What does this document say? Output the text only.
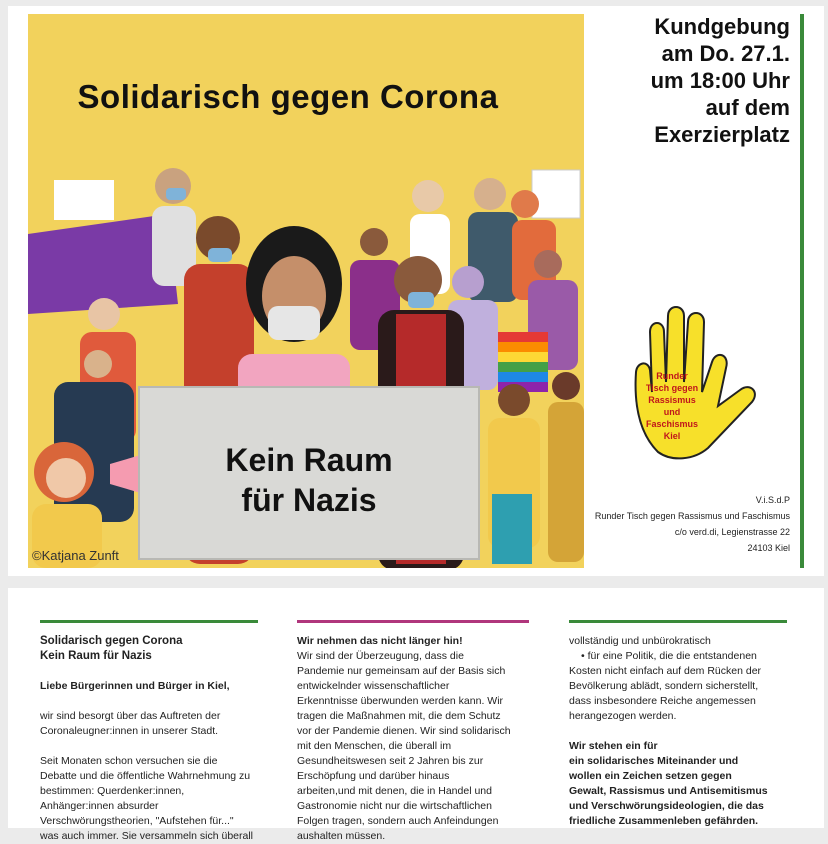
Solidarisch gegen Corona
Kein Raum
für Nazis
©Katjana Zunft
Kundgebung
am Do. 27.1.
um 18:00 Uhr
auf dem
Exerzierplatz
Runder
Tisch gegen
Rassismus
und
Faschismus
Kiel
V.i.S.d.P
Runder Tisch gegen Rassismus und Faschismus
c/o verd.di, Legienstrasse 22
24103 Kiel
Solidarisch gegen Corona
Kein Raum für Nazis
Liebe Bürgerinnen und Bürger in Kiel,
wir sind besorgt über das Auftreten der
Coronaleugner:innen in unserer Stadt.
Seit Monaten schon versuchen sie die
Debatte und die öffentliche Wahrnehmung zu
bestimmen: Querdenker:innen,
Anhänger:innen absurder
Verschwörungstheorien, "Aufstehen für..."
was auch immer. Sie versammeln sich überall
Wir nehmen das nicht länger hin!
Wir sind der Überzeugung, dass die
Pandemie nur gemeinsam auf der Basis sich
entwickelnder wissenschaftlicher
Erkenntnisse überwunden werden kann. Wir
tragen die Maßnahmen mit, die dem Schutz
vor der Pandemie dienen. Wir sind solidarisch
mit den Menschen, die überall im
Gesundheitswesen seit 2 Jahren bis zur
Erschöpfung und darüber hinaus
arbeiten,und mit denen, die in Handel und
Gastronomie nicht nur die wirtschaftlichen
Folgen tragen, sondern auch Anfeindungen
aushalten müssen.
vollständig und unbürokratisch
• für eine Politik, die die entstandenen
Kosten nicht einfach auf dem Rücken der
Bevölkerung ablädt, sondern sicherstellt,
dass insbesondere Reiche angemessen
herangezogen werden.
Wir stehen ein für
ein solidarisches Miteinander und
wollen ein Zeichen setzen gegen
Gewalt, Rassismus und Antisemitismus
und Verschwörungsideologien, die das
friedliche Zusammenleben gefährden.
